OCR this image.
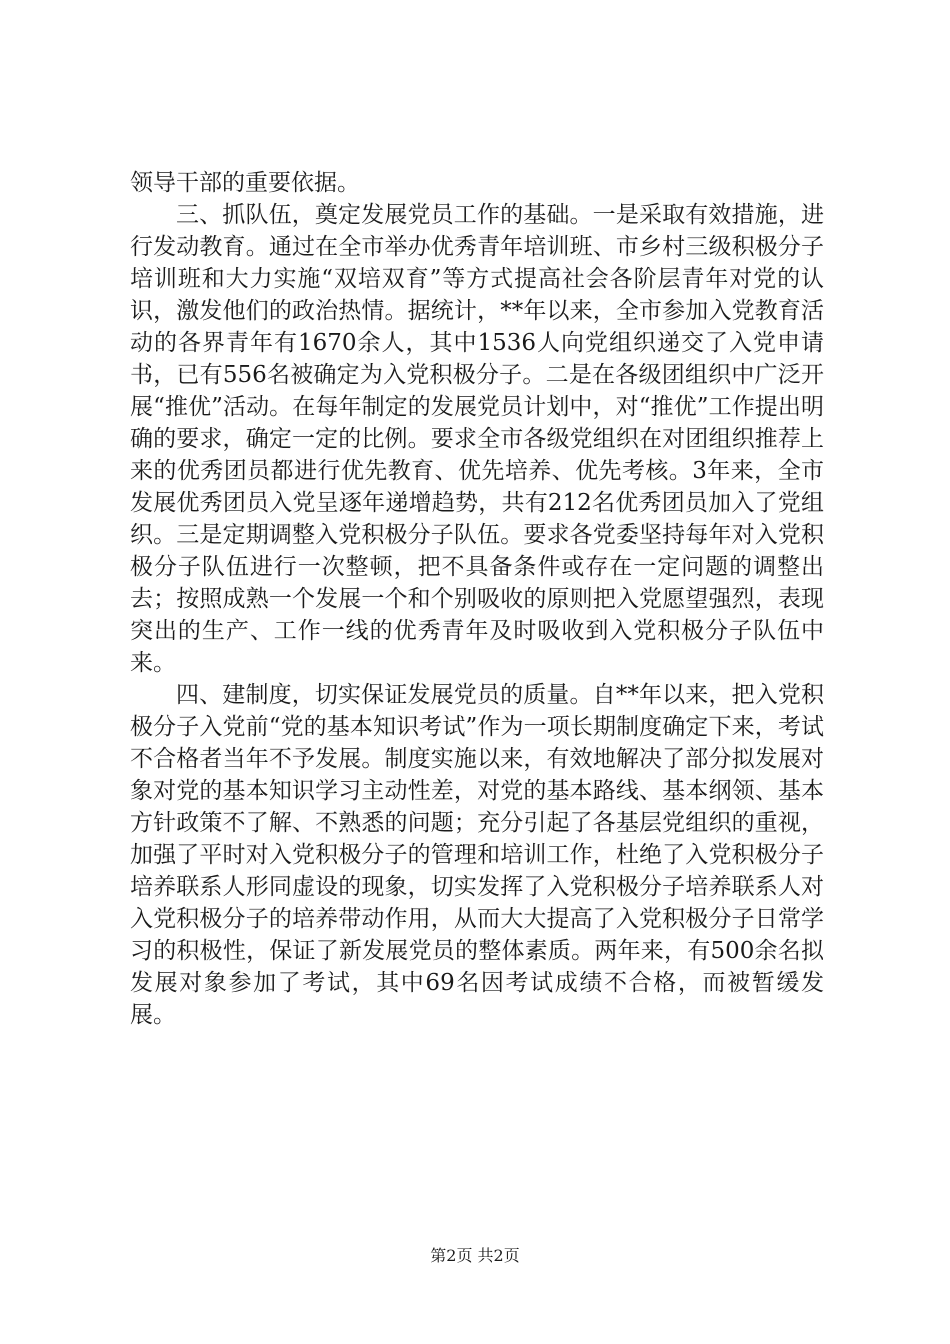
领导干部的重要依据。

三、抓队伍，奠定发展党员工作的基础。一是采取有效措施，进行发动教育。通过在全市举办优秀青年培训班、市乡村三级积极分子培训班和大力实施“双培双育”等方式提高社会各阶层青年对党的认识，激发他们的政治热情。据统计，**年以来，全市参加入党教育活动的各界青年有1670余人，其中1536人向党组织递交了入党申请书，已有556名被确定为入党积极分子。二是在各级团组织中广泛开展“推优”活动。在每年制定的发展党员计划中，对“推优”工作提出明确的要求，确定一定的比例。要求全市各级党组织在对团组织推荐上来的优秀团员都进行优先教育、优先培养、优先考核。3年来，全市发展优秀团员入党呈逐年递增趋势，共有212名优秀团员加入了党组织。三是定期调整入党积极分子队伍。要求各党委坚持每年对入党积极分子队伍进行一次整顿，把不具备条件或存在一定问题的调整出去；按照成熟一个发展一个和个别吸收的原则把入党愿望强烈，表现突出的生产、工作一线的优秀青年及时吸收到入党积极分子队伍中来。

四、建制度，切实保证发展党员的质量。自**年以来，把入党积极分子入党前“党的基本知识考试”作为一项长期制度确定下来，考试不合格者当年不予发展。制度实施以来，有效地解决了部分拟发展对象对党的基本知识学习主动性差，对党的基本路线、基本纲领、基本方针政策不了解、不熟悉的问题；充分引起了各基层党组织的重视，加强了平时对入党积极分子的管理和培训工作，杜绝了入党积极分子培养联系人形同虚设的现象，切实发挥了入党积极分子培养联系人对入党积极分子的培养带动作用，从而大大提高了入党积极分子日常学习的积极性，保证了新发展党员的整体素质。两年来，有500余名拟发展对象参加了考试，其中69名因考试成绩不合格，而被暂缓发展。

第2页 共2页
